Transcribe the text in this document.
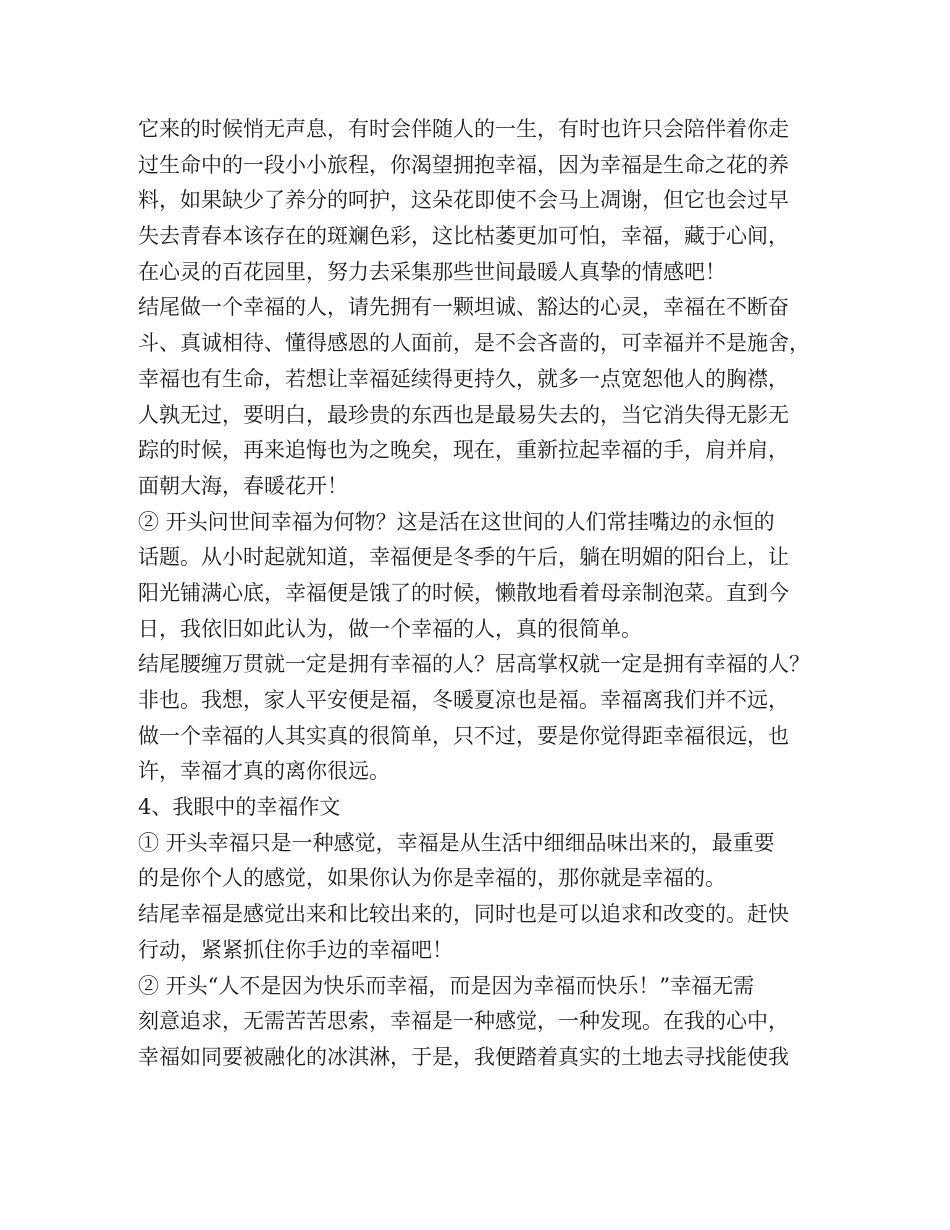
它来的时候悄无声息，有时会伴随人的一生，有时也许只会陪伴着你走
过生命中的一段小小旅程，你渴望拥抱幸福，因为幸福是生命之花的养
料，如果缺少了养分的呵护，这朵花即使不会马上凋谢，但它也会过早
失去青春本该存在的斑斓色彩，这比枯萎更加可怕，幸福，藏于心间，
在心灵的百花园里，努力去采集那些世间最暖人真挚的情感吧！
结尾做一个幸福的人，请先拥有一颗坦诚、豁达的心灵，幸福在不断奋
斗、真诚相待、懂得感恩的人面前，是不会吝啬的，可幸福并不是施舍，
幸福也有生命，若想让幸福延续得更持久，就多一点宽恕他人的胸襟，
人孰无过，要明白，最珍贵的东西也是最易失去的，当它消失得无影无
踪的时候，再来追悔也为之晚矣，现在，重新拉起幸福的手，肩并肩，
面朝大海，春暖花开！
② 开头问世间幸福为何物？这是活在这世间的人们常挂嘴边的永恒的
话题。从小时起就知道，幸福便是冬季的午后，躺在明媚的阳台上，让
阳光铺满心底，幸福便是饿了的时候，懒散地看着母亲制泡菜。直到今
日，我依旧如此认为，做一个幸福的人，真的很简单。
结尾腰缠万贯就一定是拥有幸福的人？居高掌权就一定是拥有幸福的人？
非也。我想，家人平安便是福，冬暖夏凉也是福。幸福离我们并不远，
做一个幸福的人其实真的很简单，只不过，要是你觉得距幸福很远，也
许，幸福才真的离你很远。
4、我眼中的幸福作文
① 开头幸福只是一种感觉，幸福是从生活中细细品味出来的，最重要
的是你个人的感觉，如果你认为你是幸福的，那你就是幸福的。
结尾幸福是感觉出来和比较出来的，同时也是可以追求和改变的。赶快
行动，紧紧抓住你手边的幸福吧！
② 开头“人不是因为快乐而幸福，而是因为幸福而快乐！”幸福无需
刻意追求，无需苦苦思索，幸福是一种感觉，一种发现。在我的心中，
幸福如同要被融化的冰淇淋，于是，我便踏着真实的土地去寻找能使我
